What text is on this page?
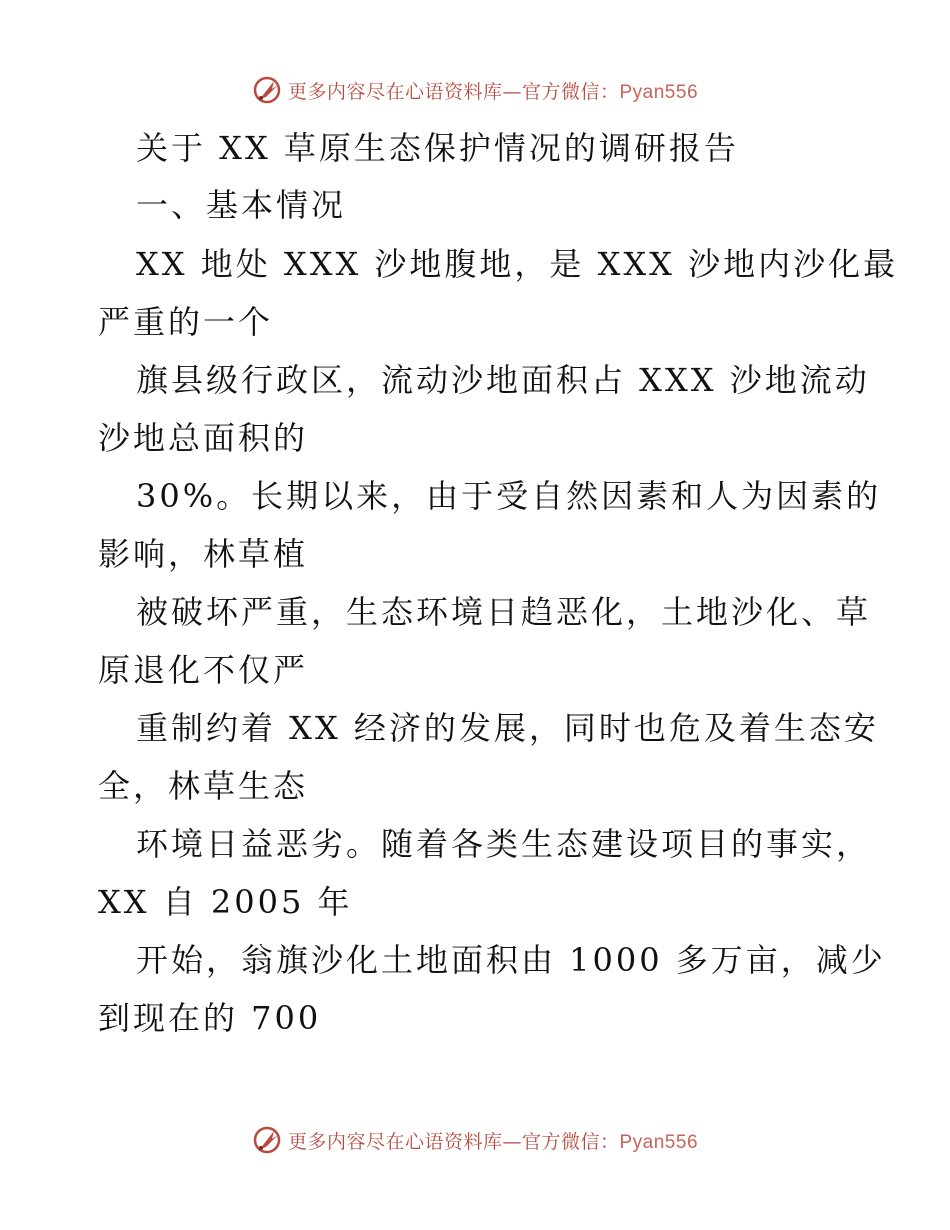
更多内容尽在心语资料库—官方微信：Pyan556
关于 XX 草原生态保护情况的调研报告
一、基本情况
XX 地处 XXX 沙地腹地，是 XXX 沙地内沙化最
严重的一个
旗县级行政区，流动沙地面积占 XXX 沙地流动
沙地总面积的
30%。长期以来，由于受自然因素和人为因素的
影响，林草植
被破坏严重，生态环境日趋恶化，土地沙化、草
原退化不仅严
重制约着 XX 经济的发展，同时也危及着生态安
全，林草生态
环境日益恶劣。随着各类生态建设项目的事实，
XX 自 2005 年
开始，翁旗沙化土地面积由 1000 多万亩，减少
到现在的 700
更多内容尽在心语资料库—官方微信：Pyan556
